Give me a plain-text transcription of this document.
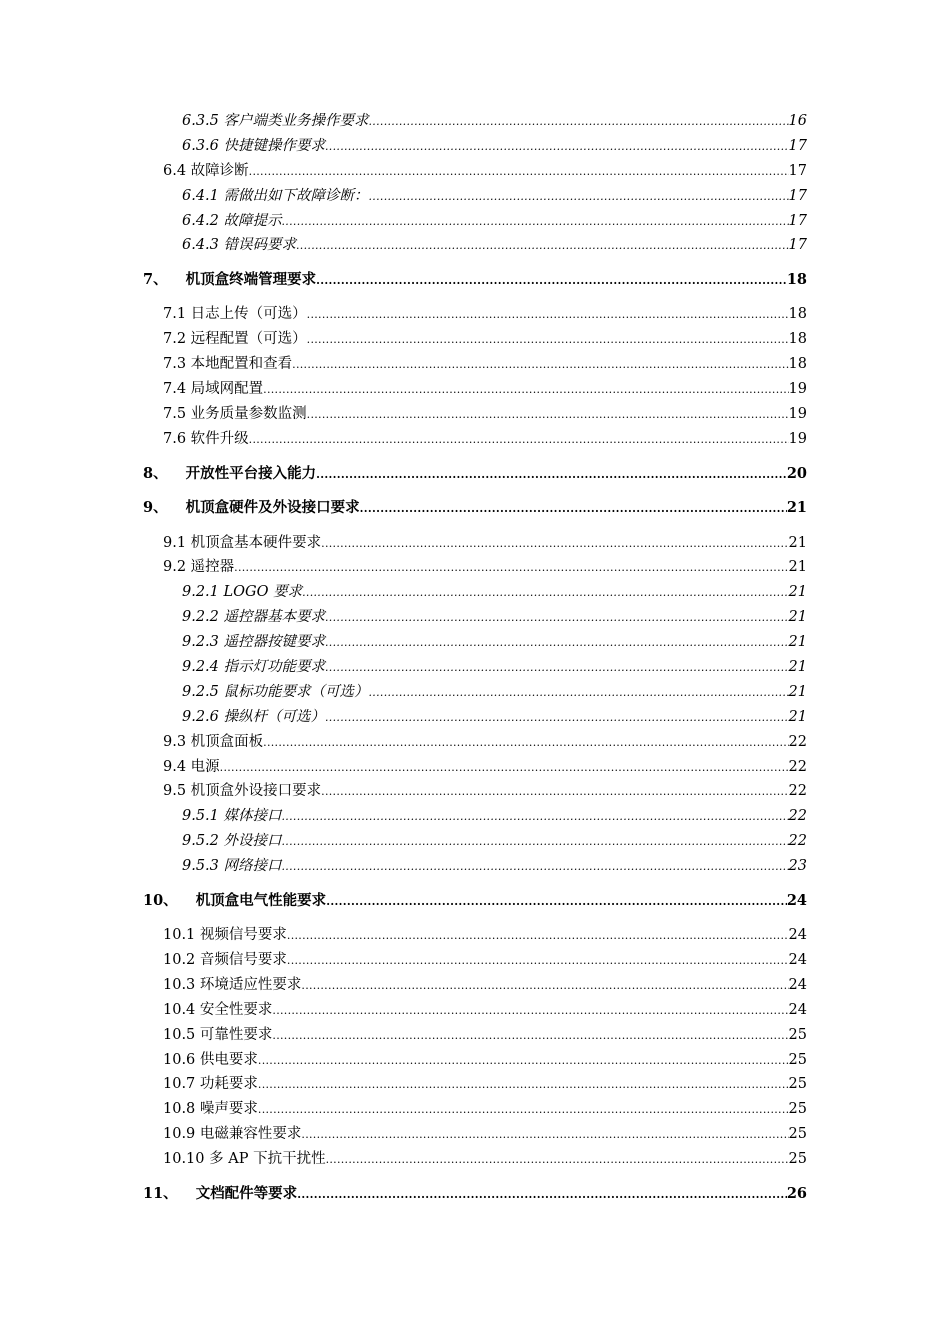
6.3.5 客户端类业务操作要求 .....	16
6.3.6 快捷键操作要求 .....	17
6.4 故障诊断 .....	17
6.4.1 需做出如下故障诊断： .....	17
6.4.2 故障提示 .....	17
6.4.3 错误码要求 .....	17
7、 机顶盒终端管理要求 .....	18
7.1 日志上传（可选） .....	18
7.2 远程配置（可选） .....	18
7.3 本地配置和查看 .....	18
7.4 局域网配置 .....	19
7.5 业务质量参数监测 .....	19
7.6 软件升级 .....	19
8、 开放性平台接入能力 .....	20
9、 机顶盒硬件及外设接口要求 .....	21
9.1 机顶盒基本硬件要求 .....	21
9.2 遥控器 .....	21
9.2.1 LOGO 要求 .....	21
9.2.2 遥控器基本要求 .....	21
9.2.3 遥控器按键要求 .....	21
9.2.4 指示灯功能要求 .....	21
9.2.5 鼠标功能要求（可选） .....	21
9.2.6 操纵杆（可选） .....	21
9.3 机顶盒面板 .....	22
9.4 电源 .....	22
9.5 机顶盒外设接口要求 .....	22
9.5.1 媒体接口 .....	22
9.5.2 外设接口 .....	22
9.5.3 网络接口 .....	23
10、 机顶盒电气性能要求 .....	24
10.1 视频信号要求 .....	24
10.2 音频信号要求 .....	24
10.3 环境适应性要求 .....	24
10.4 安全性要求 .....	24
10.5 可靠性要求 .....	25
10.6 供电要求 .....	25
10.7 功耗要求 .....	25
10.8 噪声要求 .....	25
10.9 电磁兼容性要求 .....	25
10.10 多 AP 下抗干扰性 .....	25
11、 文档配件等要求 .....	26
